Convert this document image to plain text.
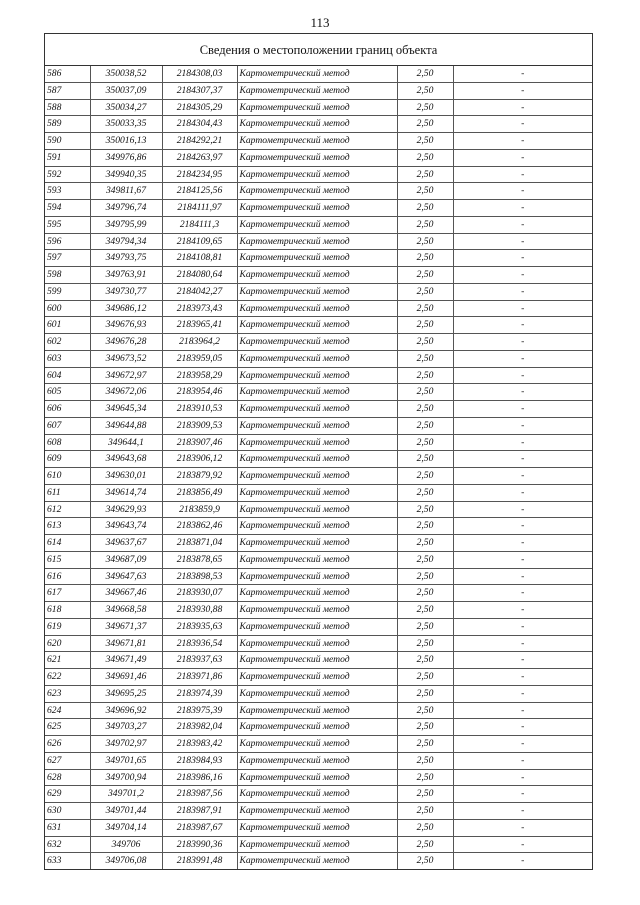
113
Сведения о местоположении границ объекта
586	350038,52	2184308,03	Картометрический метод	2,50	-
587	350037,09	2184307,37	Картометрический метод	2,50	-
588	350034,27	2184305,29	Картометрический метод	2,50	-
589	350033,35	2184304,43	Картометрический метод	2,50	-
590	350016,13	2184292,21	Картометрический метод	2,50	-
591	349976,86	2184263,97	Картометрический метод	2,50	-
592	349940,35	2184234,95	Картометрический метод	2,50	-
593	349811,67	2184125,56	Картометрический метод	2,50	-
594	349796,74	2184111,97	Картометрический метод	2,50	-
595	349795,99	2184111,3	Картометрический метод	2,50	-
596	349794,34	2184109,65	Картометрический метод	2,50	-
597	349793,75	2184108,81	Картометрический метод	2,50	-
598	349763,91	2184080,64	Картометрический метод	2,50	-
599	349730,77	2184042,27	Картометрический метод	2,50	-
600	349686,12	2183973,43	Картометрический метод	2,50	-
601	349676,93	2183965,41	Картометрический метод	2,50	-
602	349676,28	2183964,2	Картометрический метод	2,50	-
603	349673,52	2183959,05	Картометрический метод	2,50	-
604	349672,97	2183958,29	Картометрический метод	2,50	-
605	349672,06	2183954,46	Картометрический метод	2,50	-
606	349645,34	2183910,53	Картометрический метод	2,50	-
607	349644,88	2183909,53	Картометрический метод	2,50	-
608	349644,1	2183907,46	Картометрический метод	2,50	-
609	349643,68	2183906,12	Картометрический метод	2,50	-
610	349630,01	2183879,92	Картометрический метод	2,50	-
611	349614,74	2183856,49	Картометрический метод	2,50	-
612	349629,93	2183859,9	Картометрический метод	2,50	-
613	349643,74	2183862,46	Картометрический метод	2,50	-
614	349637,67	2183871,04	Картометрический метод	2,50	-
615	349687,09	2183878,65	Картометрический метод	2,50	-
616	349647,63	2183898,53	Картометрический метод	2,50	-
617	349667,46	2183930,07	Картометрический метод	2,50	-
618	349668,58	2183930,88	Картометрический метод	2,50	-
619	349671,37	2183935,63	Картометрический метод	2,50	-
620	349671,81	2183936,54	Картометрический метод	2,50	-
621	349671,49	2183937,63	Картометрический метод	2,50	-
622	349691,46	2183971,86	Картометрический метод	2,50	-
623	349695,25	2183974,39	Картометрический метод	2,50	-
624	349696,92	2183975,39	Картометрический метод	2,50	-
625	349703,27	2183982,04	Картометрический метод	2,50	-
626	349702,97	2183983,42	Картометрический метод	2,50	-
627	349701,65	2183984,93	Картометрический метод	2,50	-
628	349700,94	2183986,16	Картометрический метод	2,50	-
629	349701,2	2183987,56	Картометрический метод	2,50	-
630	349701,44	2183987,91	Картометрический метод	2,50	-
631	349704,14	2183987,67	Картометрический метод	2,50	-
632	349706	2183990,36	Картометрический метод	2,50	-
633	349706,08	2183991,48	Картометрический метод	2,50	-
